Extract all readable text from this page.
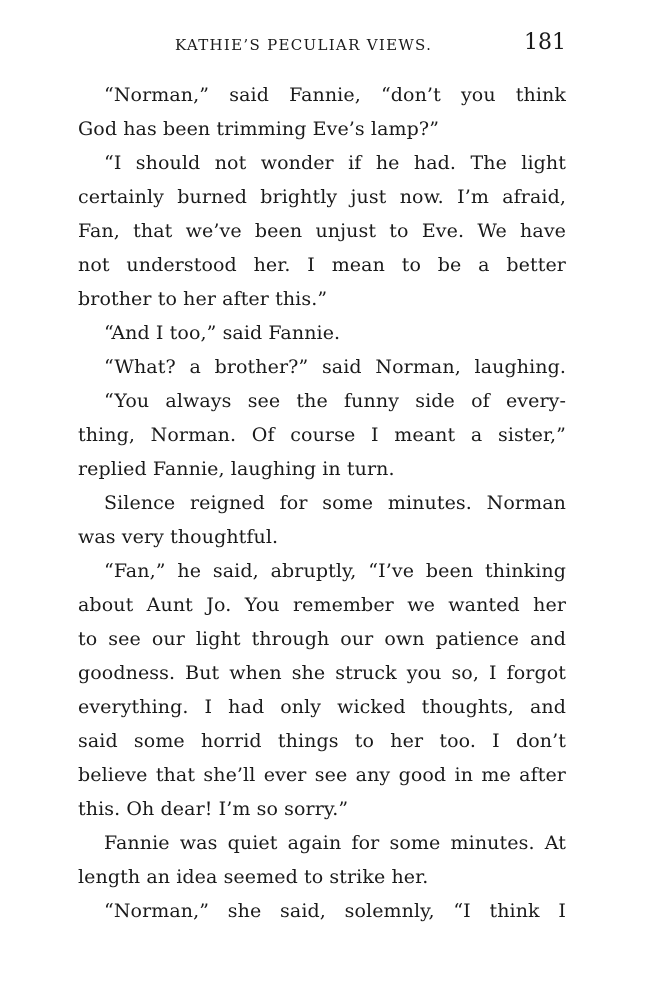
KATHIE’S PECULIAR VIEWS.	181
“Norman,” said Fannie, “don’t you think
God has been trimming Eve’s lamp?”
“I should not wonder if he had. The light
certainly burned brightly just now. I’m afraid,
Fan, that we’ve been unjust to Eve. We have
not understood her. I mean to be a better
brother to her after this.”
“And I too,” said Fannie.
“What? a brother?” said Norman, laughing.
“You always see the funny side of every-
thing, Norman. Of course I meant a sister,”
replied Fannie, laughing in turn.
Silence reigned for some minutes. Norman
was very thoughtful.
“Fan,” he said, abruptly, “I’ve been thinking
about Aunt Jo. You remember we wanted her
to see our light through our own patience and
goodness. But when she struck you so, I forgot
everything. I had only wicked thoughts, and
said some horrid things to her too. I don’t
believe that she’ll ever see any good in me after
this. Oh dear! I’m so sorry.”
Fannie was quiet again for some minutes. At
length an idea seemed to strike her.
“Norman,” she said, solemnly, “I think I
